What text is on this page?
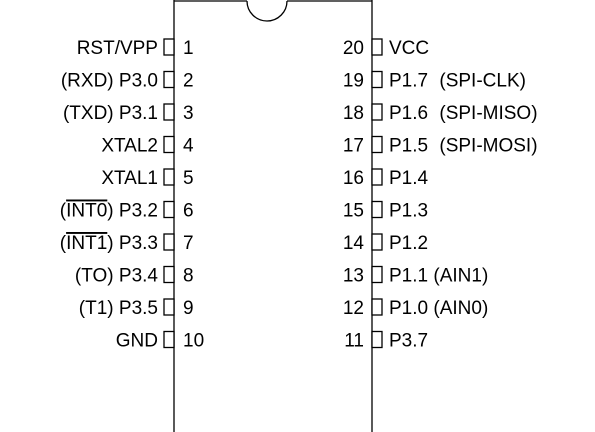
1
RST/VPP
2
(RXD) P3.0
3
(TXD) P3.1
4
XTAL2
5
XTAL1
6
(INT0) P3.2
7
(INT1) P3.3
8
(TO) P3.4
9
(T1) P3.5
10
GND
20 VCC
19 P1.7 (SPI-CLK)
18 P1.6 (SPI-MISO)
17 P1.5 (SPI-MOSI)
16 P1.4
15 P1.3
14 P1.2
13 P1.1 (AIN1)
12 P1.0 (AIN0)
11 P3.7
